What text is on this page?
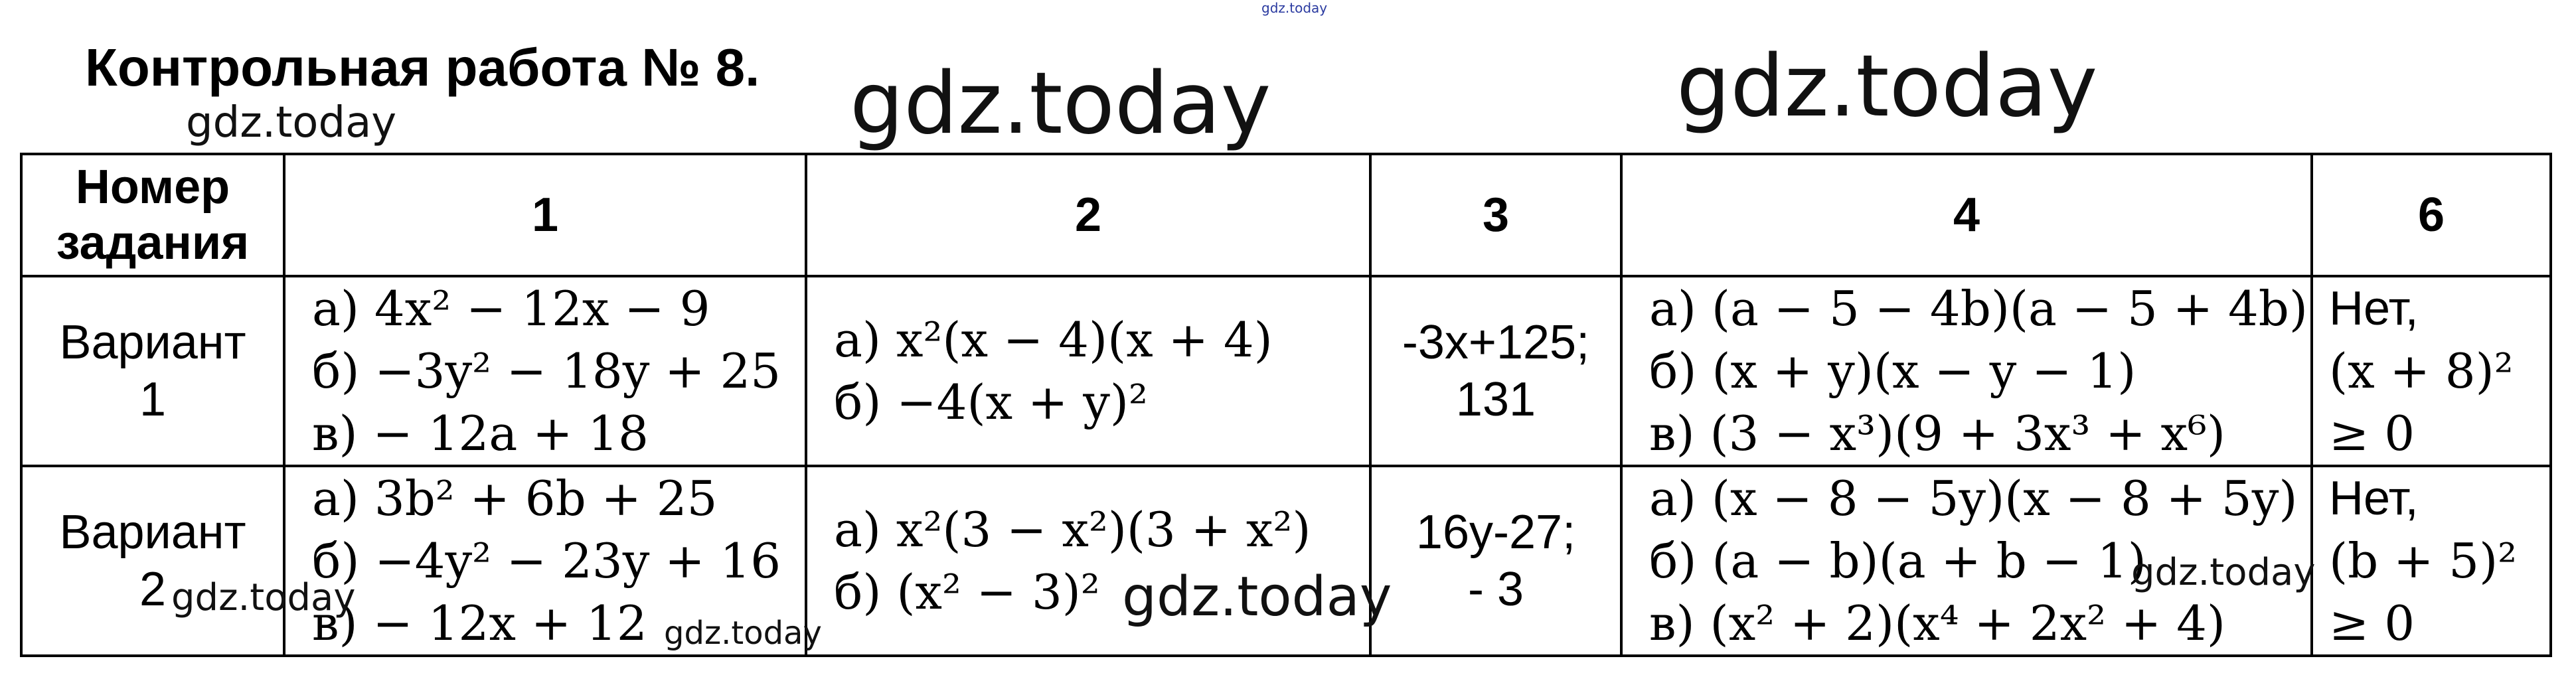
Контрольная работа № 8.
Номер
задания	1	2	3	4	6

Вариант
1	а) 4x² − 12x − 9
б) −3y² − 18y + 25
в) − 12a + 18	а) x²(x − 4)(x + 4)
б) −4(x + y)²	-3x+125;
131	а) (a − 5 − 4b)(a − 5 + 4b)
б) (x + y)(x − y − 1)
в) (3 − x³)(9 + 3x³ + x⁶)	Нет,
(x + 8)²
≥ 0

Вариант
2	а) 3b² + 6b + 25
б) −4y² − 23y + 16
в) − 12x + 12	а) x²(3 − x²)(3 + x²)
б) (x² − 3)²	16y-27;
- 3	а) (x − 8 − 5y)(x − 8 + 5y)
б) (a − b)(a + b − 1)
в) (x² + 2)(x⁴ + 2x² + 4)	Нет,
(b + 5)²
≥ 0
gdz.today
gdz.today	gdz.today
gdz.today
gdz.today
gdz.today
gdz.today	gdz.today
